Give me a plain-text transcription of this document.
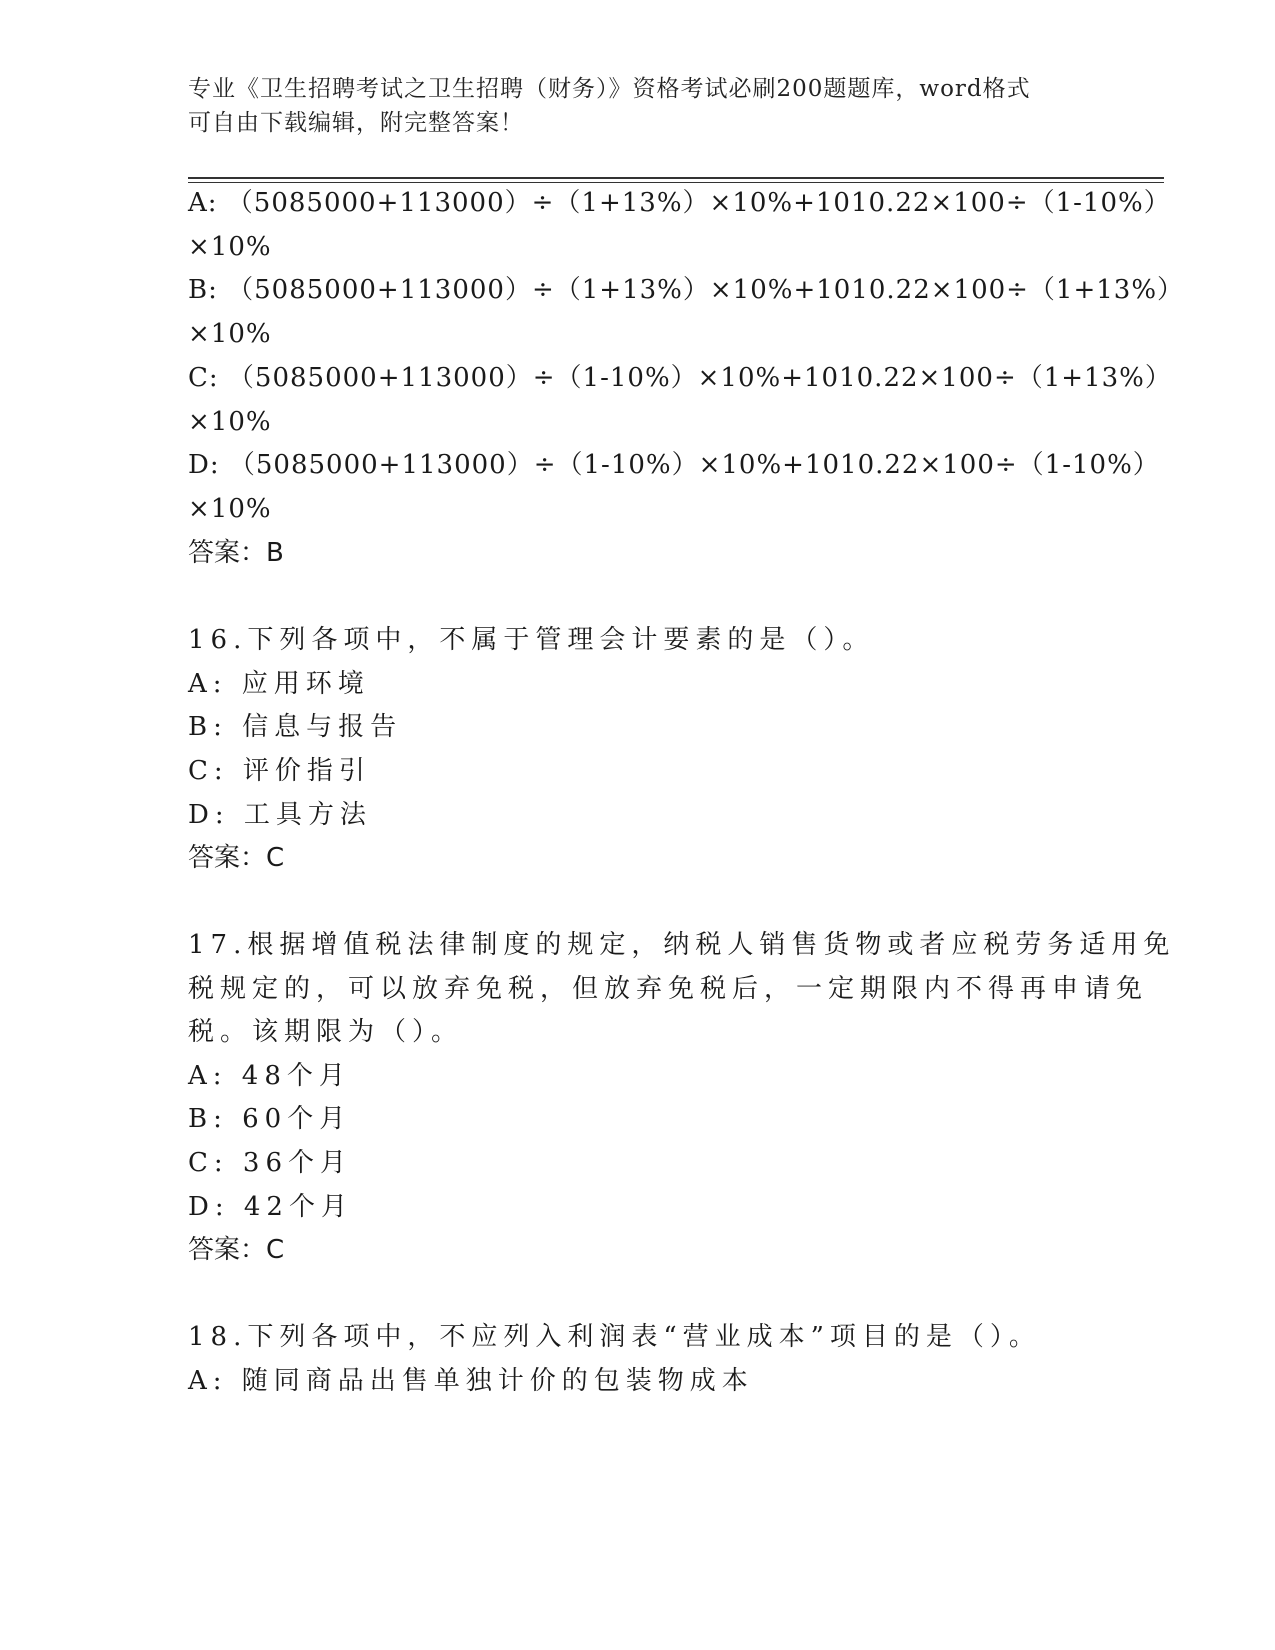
专业《卫生招聘考试之卫生招聘（财务）》资格考试必刷200题题库，word格式
可自由下载编辑，附完整答案！
A: （5085000+113000）÷（1+13%）×10%+1010.22×100÷（1-10%）
×10%
B: （5085000+113000）÷（1+13%）×10%+1010.22×100÷（1+13%）
×10%
C: （5085000+113000）÷（1-10%）×10%+1010.22×100÷（1+13%）
×10%
D: （5085000+113000）÷（1-10%）×10%+1010.22×100÷（1-10%）
×10%
答案：B
16.下列各项中，不属于管理会计要素的是（）。
A: 应用环境
B: 信息与报告
C: 评价指引
D: 工具方法
答案：C
17.根据增值税法律制度的规定，纳税人销售货物或者应税劳务适用免
税规定的，可以放弃免税，但放弃免税后，一定期限内不得再申请免
税。该期限为（）。
A: 48个月
B: 60个月
C: 36个月
D: 42个月
答案：C
18.下列各项中，不应列入利润表“营业成本”项目的是（）。
A: 随同商品出售单独计价的包装物成本
